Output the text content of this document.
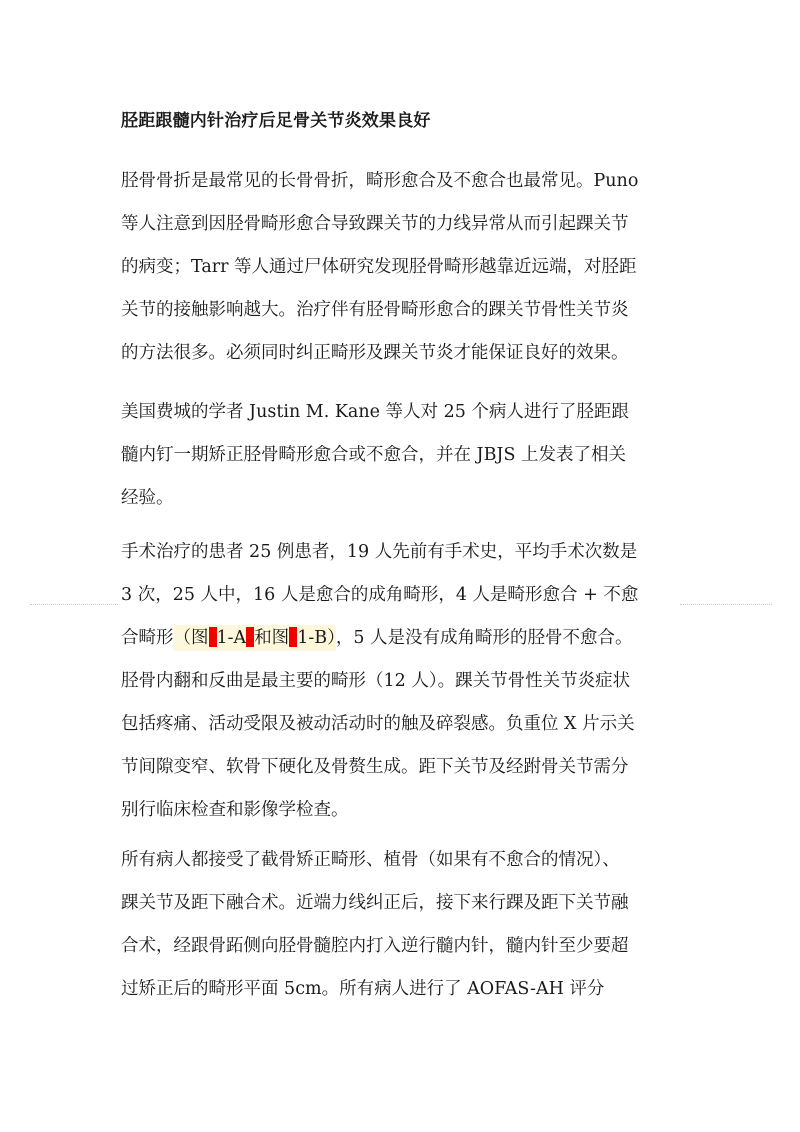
胫距跟髓内针治疗后足骨关节炎效果良好
胫骨骨折是最常见的长骨骨折，畸形愈合及不愈合也最常见。Puno
等人注意到因胫骨畸形愈合导致踝关节的力线异常从而引起踝关节
的病变；Tarr 等人通过尸体研究发现胫骨畸形越靠近远端，对胫距
关节的接触影响越大。治疗伴有胫骨畸形愈合的踝关节骨性关节炎
的方法很多。必须同时纠正畸形及踝关节炎才能保证良好的效果。
美国费城的学者 Justin M. Kane 等人对 25 个病人进行了胫距跟
髓内钉一期矫正胫骨畸形愈合或不愈合，并在 JBJS 上发表了相关
经验。
手术治疗的患者 25 例患者，19 人先前有手术史，平均手术次数是
3 次，25 人中，16 人是愈合的成角畸形，4 人是畸形愈合 + 不愈
合畸形（图 1-A 和图 1-B），5 人是没有成角畸形的胫骨不愈合。
胫骨内翻和反曲是最主要的畸形（12 人）。踝关节骨性关节炎症状
包括疼痛、活动受限及被动活动时的触及碎裂感。负重位 X 片示关
节间隙变窄、软骨下硬化及骨赘生成。距下关节及经跗骨关节需分
别行临床检查和影像学检查。
所有病人都接受了截骨矫正畸形、植骨（如果有不愈合的情况）、
踝关节及距下融合术。近端力线纠正后，接下来行踝及距下关节融
合术，经跟骨跖侧向胫骨髓腔内打入逆行髓内针，髓内针至少要超
过矫正后的畸形平面 5cm。所有病人进行了 AOFAS-AH 评分
